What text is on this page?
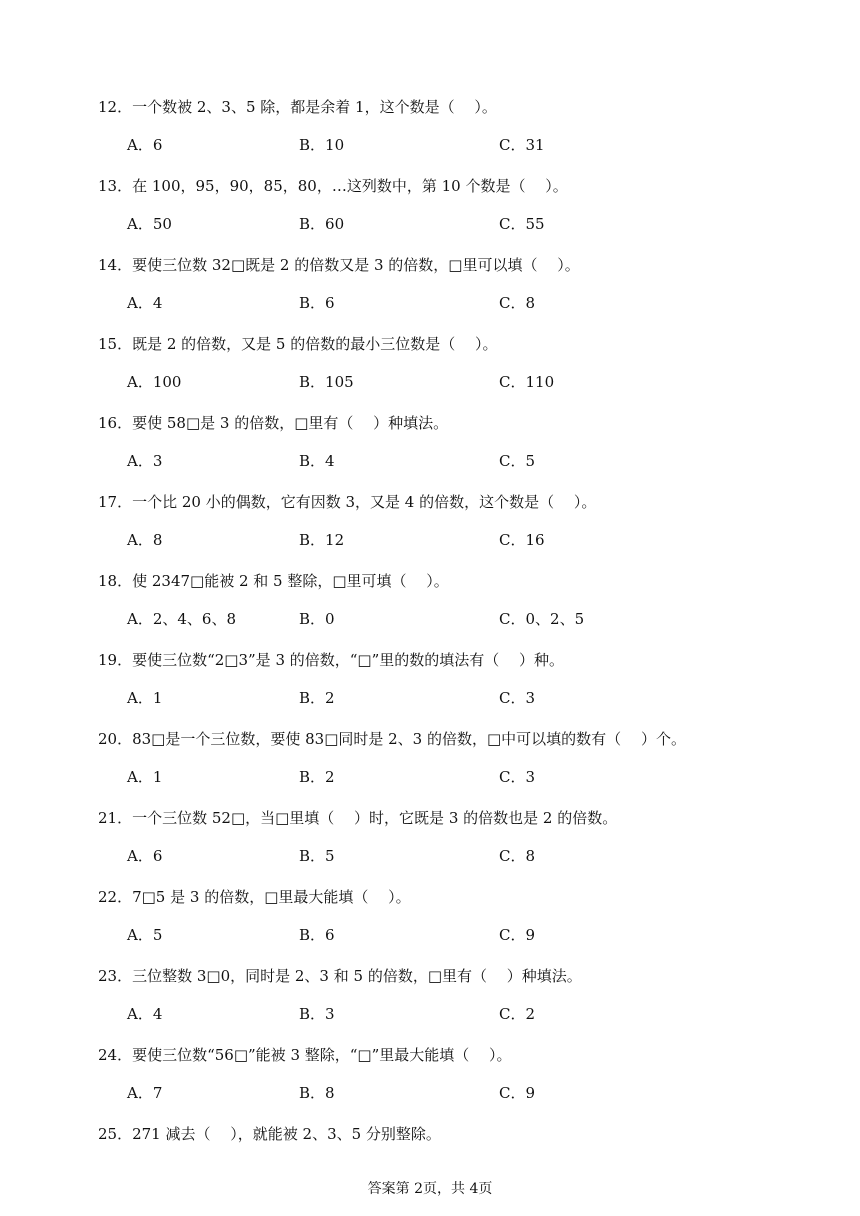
12．一个数被 2、3、5 除，都是余着 1，这个数是（　 ）。

A．6	B．10	C．31

13．在 100，95，90，85，80，…这列数中，第 10 个数是（　 ）。

A．50	B．60	C．55

14．要使三位数 32□既是 2 的倍数又是 3 的倍数，□里可以填（　 ）。

A．4	B．6	C．8

15．既是 2 的倍数，又是 5 的倍数的最小三位数是（　 ）。

A．100	B．105	C．110

16．要使 58□是 3 的倍数，□里有（　 ）种填法。

A．3	B．4	C．5

17．一个比 20 小的偶数，它有因数 3，又是 4 的倍数，这个数是（　 ）。

A．8	B．12	C．16

18．使 2347□能被 2 和 5 整除，□里可填（　 ）。

A．2、4、6、8	B．0	C．0、2、5

19．要使三位数“2□3”是 3 的倍数，“□”里的数的填法有（　 ）种。

A．1	B．2	C．3

20．83□是一个三位数，要使 83□同时是 2、3 的倍数，□中可以填的数有（　 ）个。

A．1	B．2	C．3

21．一个三位数 52□，当□里填（　 ）时，它既是 3 的倍数也是 2 的倍数。

A．6	B．5	C．8

22．7□5 是 3 的倍数，□里最大能填（　 ）。

A．5	B．6	C．9

23．三位整数 3□0，同时是 2、3 和 5 的倍数，□里有（　 ）种填法。

A．4	B．3	C．2

24．要使三位数“56□”能被 3 整除，“□”里最大能填（　 ）。

A．7	B．8	C．9

25．271 减去（　 ），就能被 2、3、5 分别整除。

答案第 2页，共 4页
